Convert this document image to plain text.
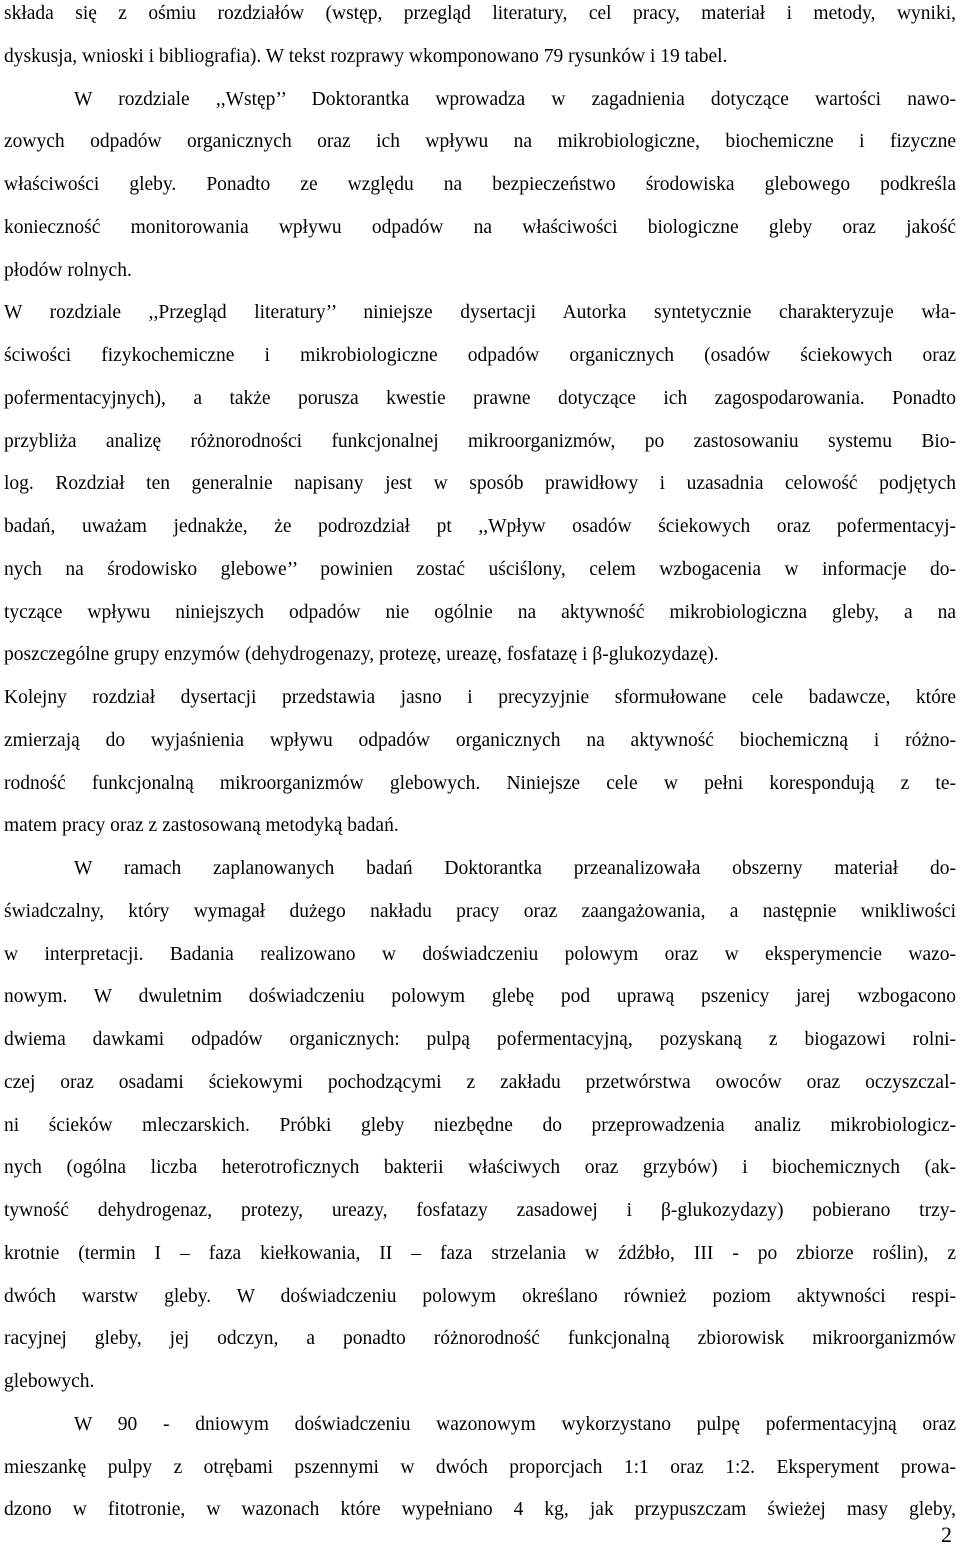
składa się z ośmiu rozdziałów (wstęp, przegląd literatury, cel pracy, materiał i metody, wyniki,
dyskusja, wnioski i bibliografia). W tekst rozprawy wkomponowano 79 rysunków i 19 tabel.
W rozdziale ,,Wstęp’’ Doktorantka wprowadza w zagadnienia dotyczące wartości nawo-
zowych odpadów organicznych oraz ich wpływu na mikrobiologiczne, biochemiczne i fizyczne
właściwości gleby. Ponadto ze względu na bezpieczeństwo środowiska glebowego podkreśla
konieczność monitorowania wpływu odpadów na właściwości biologiczne gleby oraz jakość
płodów rolnych.
W rozdziale ,,Przegląd literatury’’ niniejsze dysertacji Autorka syntetycznie charakteryzuje wła-
ściwości fizykochemiczne i mikrobiologiczne odpadów organicznych (osadów ściekowych oraz
pofermentacyjnych), a także porusza kwestie prawne dotyczące ich zagospodarowania. Ponadto
przybliża analizę różnorodności funkcjonalnej mikroorganizmów, po zastosowaniu systemu Bio-
log. Rozdział ten generalnie napisany jest w sposób prawidłowy i uzasadnia celowość podjętych
badań, uważam jednakże, że podrozdział pt ,,Wpływ osadów ściekowych oraz pofermentacyj-
nych na środowisko glebowe’’ powinien zostać uściślony, celem wzbogacenia w informacje do-
tyczące wpływu niniejszych odpadów nie ogólnie na aktywność mikrobiologiczna gleby, a na
poszczególne grupy enzymów (dehydrogenazy, protezę, ureazę, fosfatazę i β-glukozydazę).
Kolejny rozdział dysertacji przedstawia jasno i precyzyjnie sformułowane cele badawcze, które
zmierzają do wyjaśnienia wpływu odpadów organicznych na aktywność biochemiczną i różno-
rodność funkcjonalną mikroorganizmów glebowych. Niniejsze cele w pełni korespondują z te-
matem pracy oraz z zastosowaną metodyką badań.
W ramach zaplanowanych badań Doktorantka przeanalizowała obszerny materiał do-
świadczalny, który wymagał dużego nakładu pracy oraz zaangażowania, a następnie wnikliwości
w interpretacji. Badania realizowano w doświadczeniu polowym oraz w eksperymencie wazo-
nowym. W dwuletnim doświadczeniu polowym glebę pod uprawą pszenicy jarej wzbogacono
dwiema dawkami odpadów organicznych: pulpą pofermentacyjną, pozyskaną z biogazowi rolni-
czej oraz osadami ściekowymi pochodzącymi z zakładu przetwórstwa owoców oraz oczyszczal-
ni ścieków mleczarskich. Próbki gleby niezbędne do przeprowadzenia analiz mikrobiologicz-
nych (ogólna liczba heterotroficznych bakterii właściwych oraz grzybów) i biochemicznych (ak-
tywność dehydrogenaz, protezy, ureazy, fosfatazy zasadowej i β-glukozydazy) pobierano trzy-
krotnie (termin I – faza kiełkowania, II – faza strzelania w źdźbło, III - po zbiorze roślin), z
dwóch warstw gleby. W doświadczeniu polowym określano również poziom aktywności respi-
racyjnej gleby, jej odczyn, a ponadto różnorodność funkcjonalną zbiorowisk mikroorganizmów
glebowych.
W 90 - dniowym doświadczeniu wazonowym wykorzystano pulpę pofermentacyjną oraz
mieszankę pulpy z otrębami pszennymi w dwóch proporcjach 1:1 oraz 1:2. Eksperyment prowa-
dzono w fitotronie, w wazonach które wypełniano 4 kg, jak przypuszczam świeżej masy gleby,
2
